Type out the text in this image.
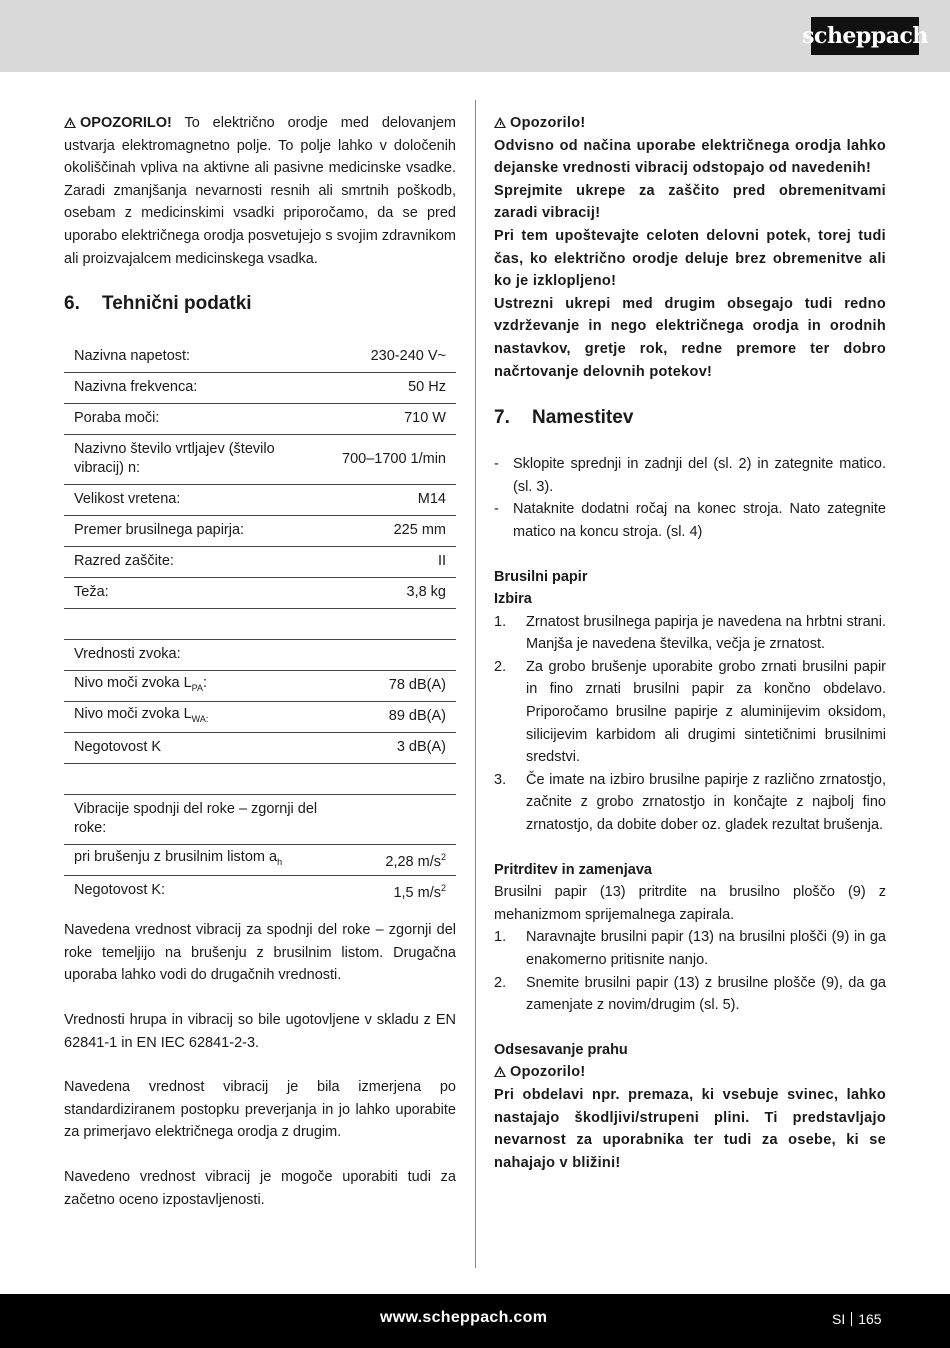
scheppach

OPOZORILO! To električno orodje med delovanjem ustvarja elektromagnetno polje. To polje lahko v določenih okoliščinah vpliva na aktivne ali pasivne medicinske vsadke. Zaradi zmanjšanja nevarnosti resnih ali smrtnih poškodb, osebam z medicinskimi vsadki priporočamo, da se pred uporabo električnega orodja posvetujejo s svojim zdravnikom ali proizvajalcem medicinskega vsadka.

6. Tehnični podatki
Nazivna napetost:	230-240 V~
Nazivna frekvenca:	50 Hz
Poraba moči:	710 W
Nazivno število vrtljajev (število vibracij) n:	700–1700 1/min
Velikost vretena:	M14
Premer brusilnega papirja:	225 mm
Razred zaščite:	II
Teža:	3,8 kg

Vrednosti zvoka:	
Nivo moči zvoka $L_{PA}$:	78 dB(A)
Nivo moči zvoka $L_{WA:}$	89 dB(A)
Negotovost K	3 dB(A)

Vibracije spodnji del roke – zgornji del roke:	
pri brušenju z brusilnim listom $a_h$	2,28 $m/s^2$
Negotovost K:	1,5 $m/s^2$

Navedena vrednost vibracij za spodnji del roke – zgornji del roke temeljijo na brušenju z brusilnim listom. Drugačna uporaba lahko vodi do drugačnih vrednosti.

Vrednosti hrupa in vibracij so bile ugotovljene v skladu z EN 62841-1 in EN IEC 62841-2-3.

Navedena vrednost vibracij je bila izmerjena po standardiziranem postopku preverjanja in jo lahko uporabite za primerjavo električnega orodja z drugim.

Navedeno vrednost vibracij je mogoče uporabiti tudi za začetno oceno izpostavljenosti.

Opozorilo!

Odvisno od načina uporabe električnega orodja lahko dejanske vrednosti vibracij odstopajo od navedenih!

Sprejmite ukrepe za zaščito pred obremenitvami zaradi vibracij!

Pri tem upoštevajte celoten delovni potek, torej tudi čas, ko električno orodje deluje brez obremenitve ali ko je izklopljeno!

Ustrezni ukrepi med drugim obsegajo tudi redno vzdrževanje in nego električnega orodja in orodnih nastavkov, gretje rok, redne premore ter dobro načrtovanje delovnih potekov!

7. Namestitev
- Sklopite sprednji in zadnji del (sl. 2) in zategnite matico. (sl. 3).
- Nataknite dodatni ročaj na konec stroja. Nato zategnite matico na koncu stroja. (sl. 4)

Brusilni papir

Izbira

1. Zrnatost brusilnega papirja je navedena na hrbtni strani. Manjša je navedena številka, večja je zrnatost.
2. Za grobo brušenje uporabite grobo zrnati brusilni papir in fino zrnati brusilni papir za končno obdelavo. Priporočamo brusilne papirje z aluminijevim oksidom, silicijevim karbidom ali drugimi sintetičnimi brusilnimi sredstvi.
3. Če imate na izbiro brusilne papirje z različno zrnatostjo, začnite z grobo zrnatostjo in končajte z najbolj fino zrnatostjo, da dobite dober oz. gladek rezultat brušenja.

Pritrditev in zamenjava

Brusilni papir (13) pritrdite na brusilno ploščo (9) z mehanizmom sprijemalnega zapirala.

1. Naravnajte brusilni papir (13) na brusilni plošči (9) in ga enakomerno pritisnite nanjo.
2. Snemite brusilni papir (13) z brusilne plošče (9), da ga zamenjate z novim/drugim (sl. 5).

Odsesavanje prahu

Opozorilo!

Pri obdelavi npr. premaza, ki vsebuje svinec, lahko nastajajo škodljivi/strupeni plini. Ti predstavljajo nevarnost za uporabnika ter tudi za osebe, ki se nahajajo v bližini!

www.scheppach.com	SI 165
